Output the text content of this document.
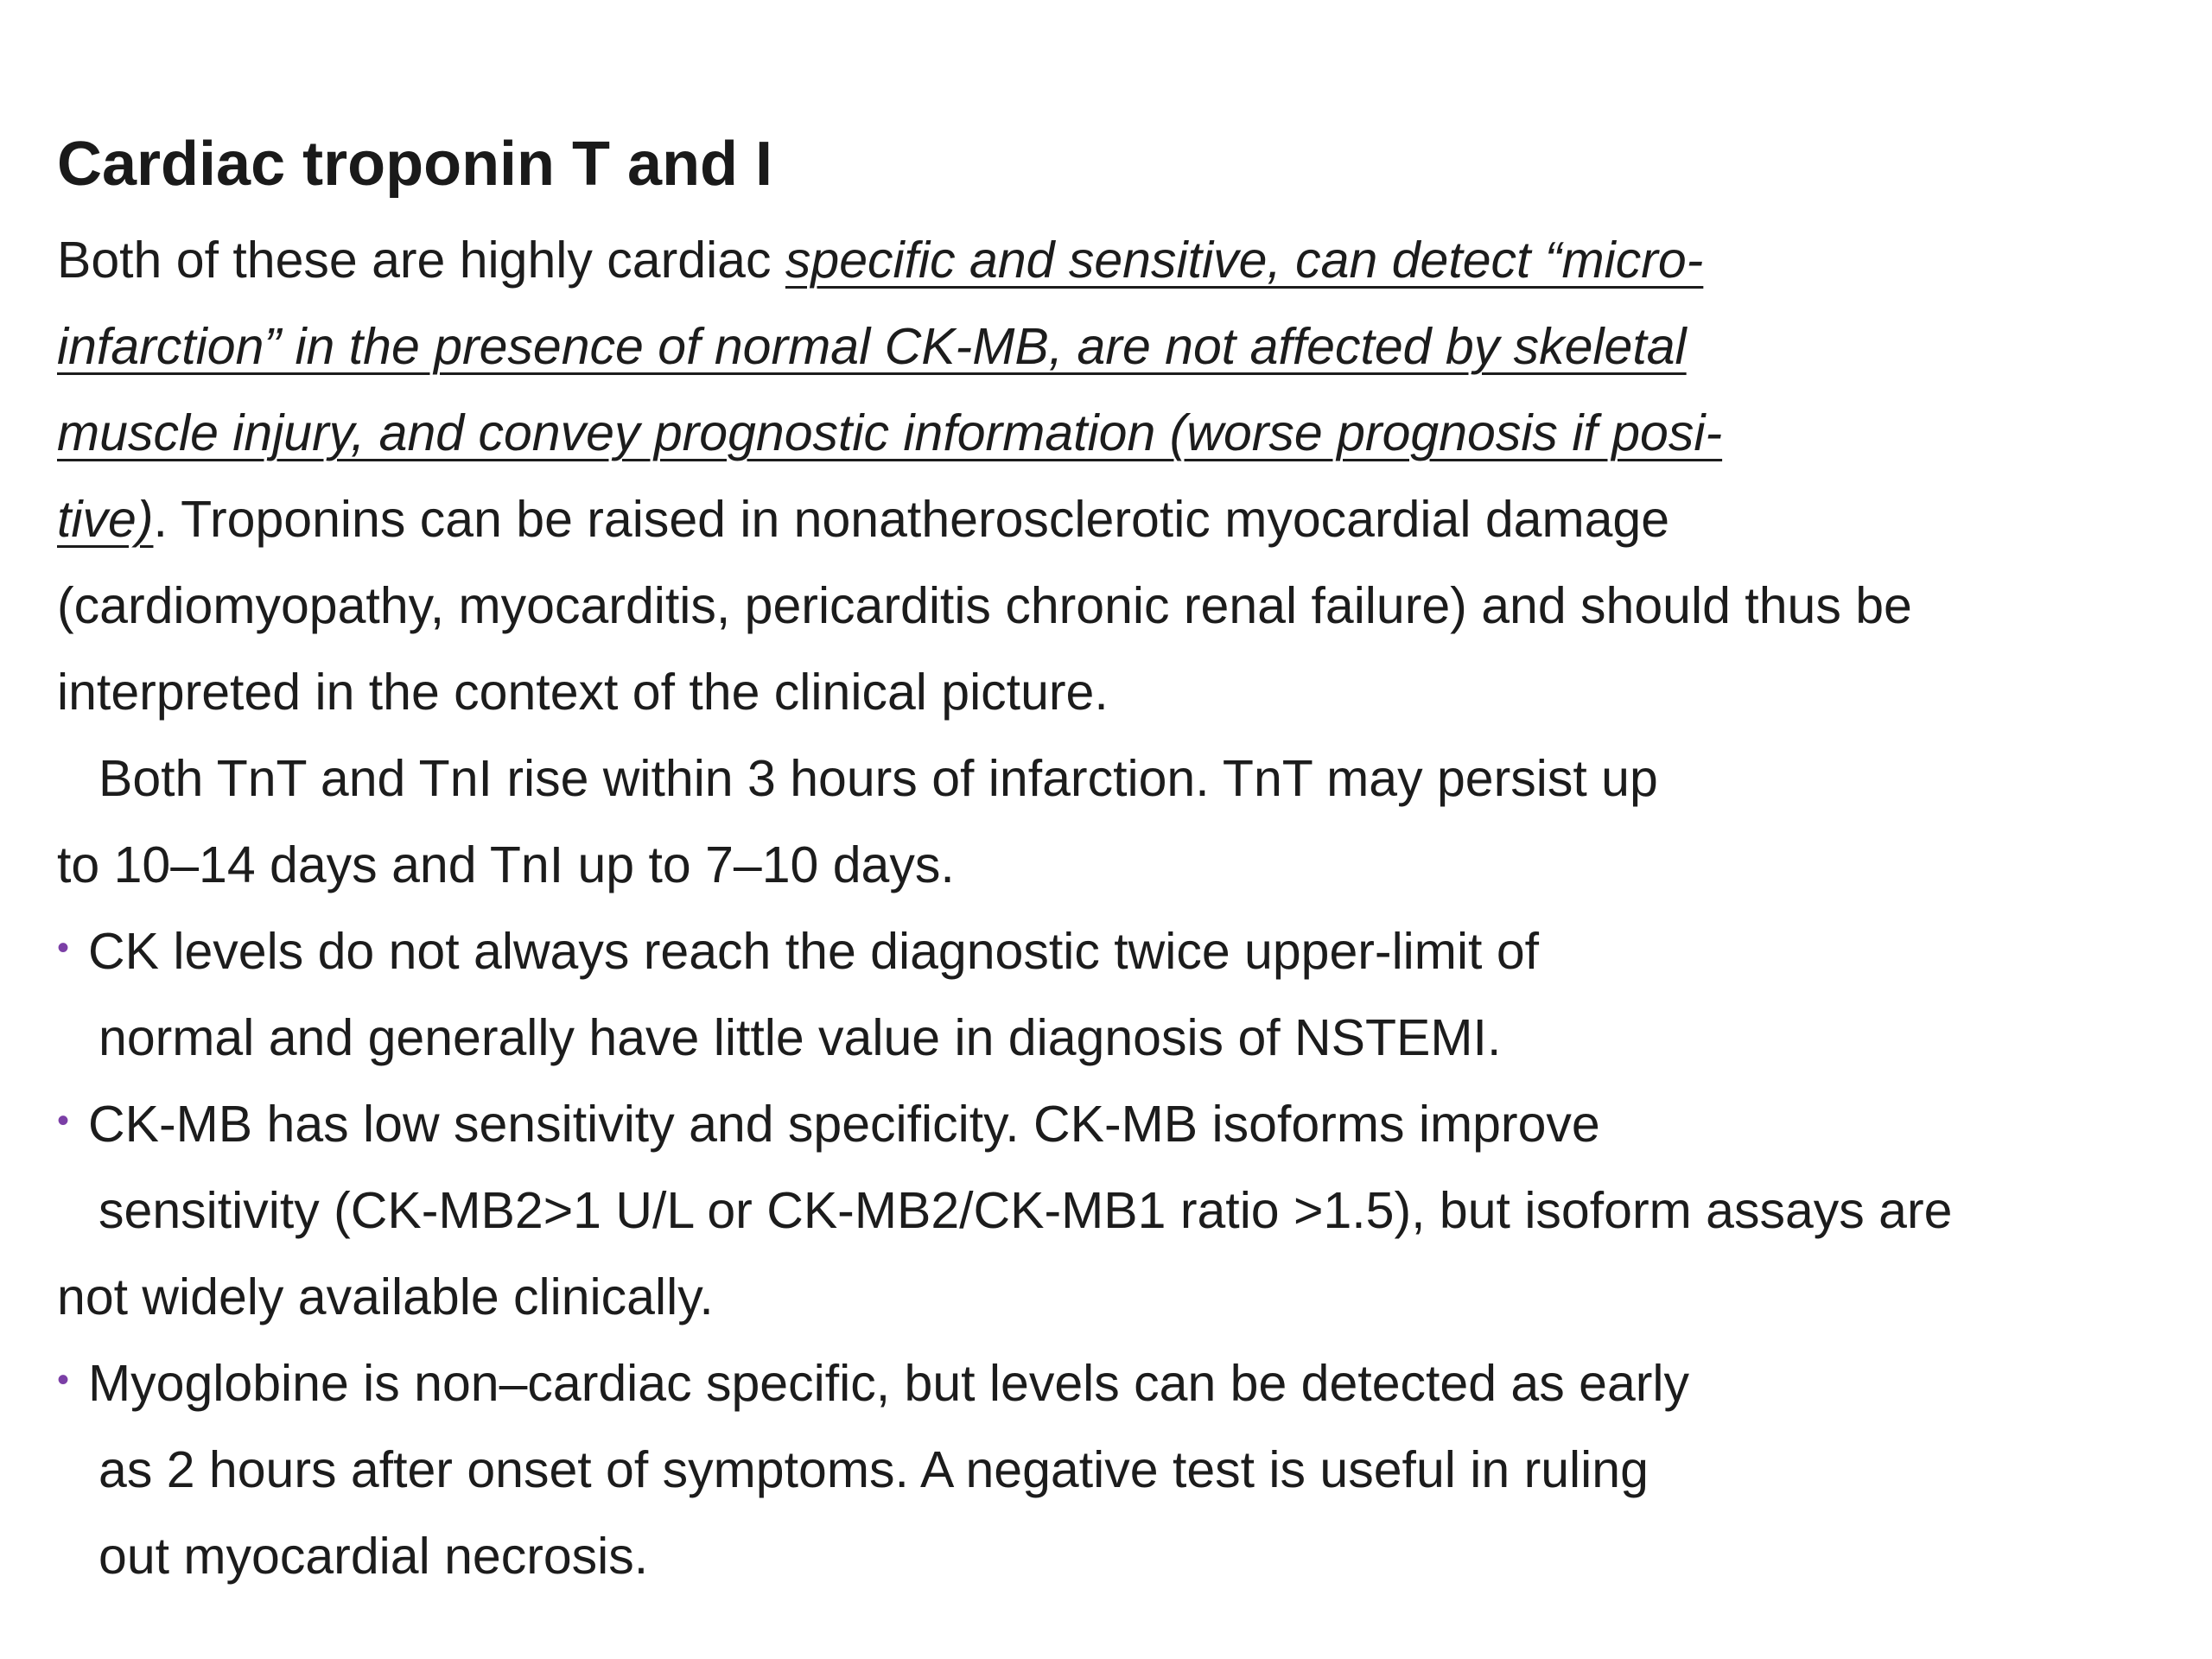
Cardiac troponin T and I
Both of these are highly cardiac specific and sensitive, can detect “micro-
infarction” in the presence of normal CK-MB, are not affected by skeletal
muscle injury, and convey prognostic information (worse prognosis if posi-
tive). Troponins can be raised in nonatherosclerotic myocardial damage
(cardiomyopathy, myocarditis, pericarditis chronic renal failure) and should thus be
interpreted in the context of the clinical picture.
Both TnT and TnI rise within 3 hours of infarction. TnT may persist up
to 10–14 days and TnI up to 7–10 days.
• CK levels do not always reach the diagnostic twice upper-limit of
normal and generally have little value in diagnosis of NSTEMI.
• CK-MB has low sensitivity and specificity. CK-MB isoforms improve
sensitivity (CK-MB2>1 U/L or CK-MB2/CK-MB1 ratio >1.5), but isoform assays are
not widely available clinically.
• Myoglobine is non–cardiac specific, but levels can be detected as early
as 2 hours after onset of symptoms. A negative test is useful in ruling
out myocardial necrosis.
